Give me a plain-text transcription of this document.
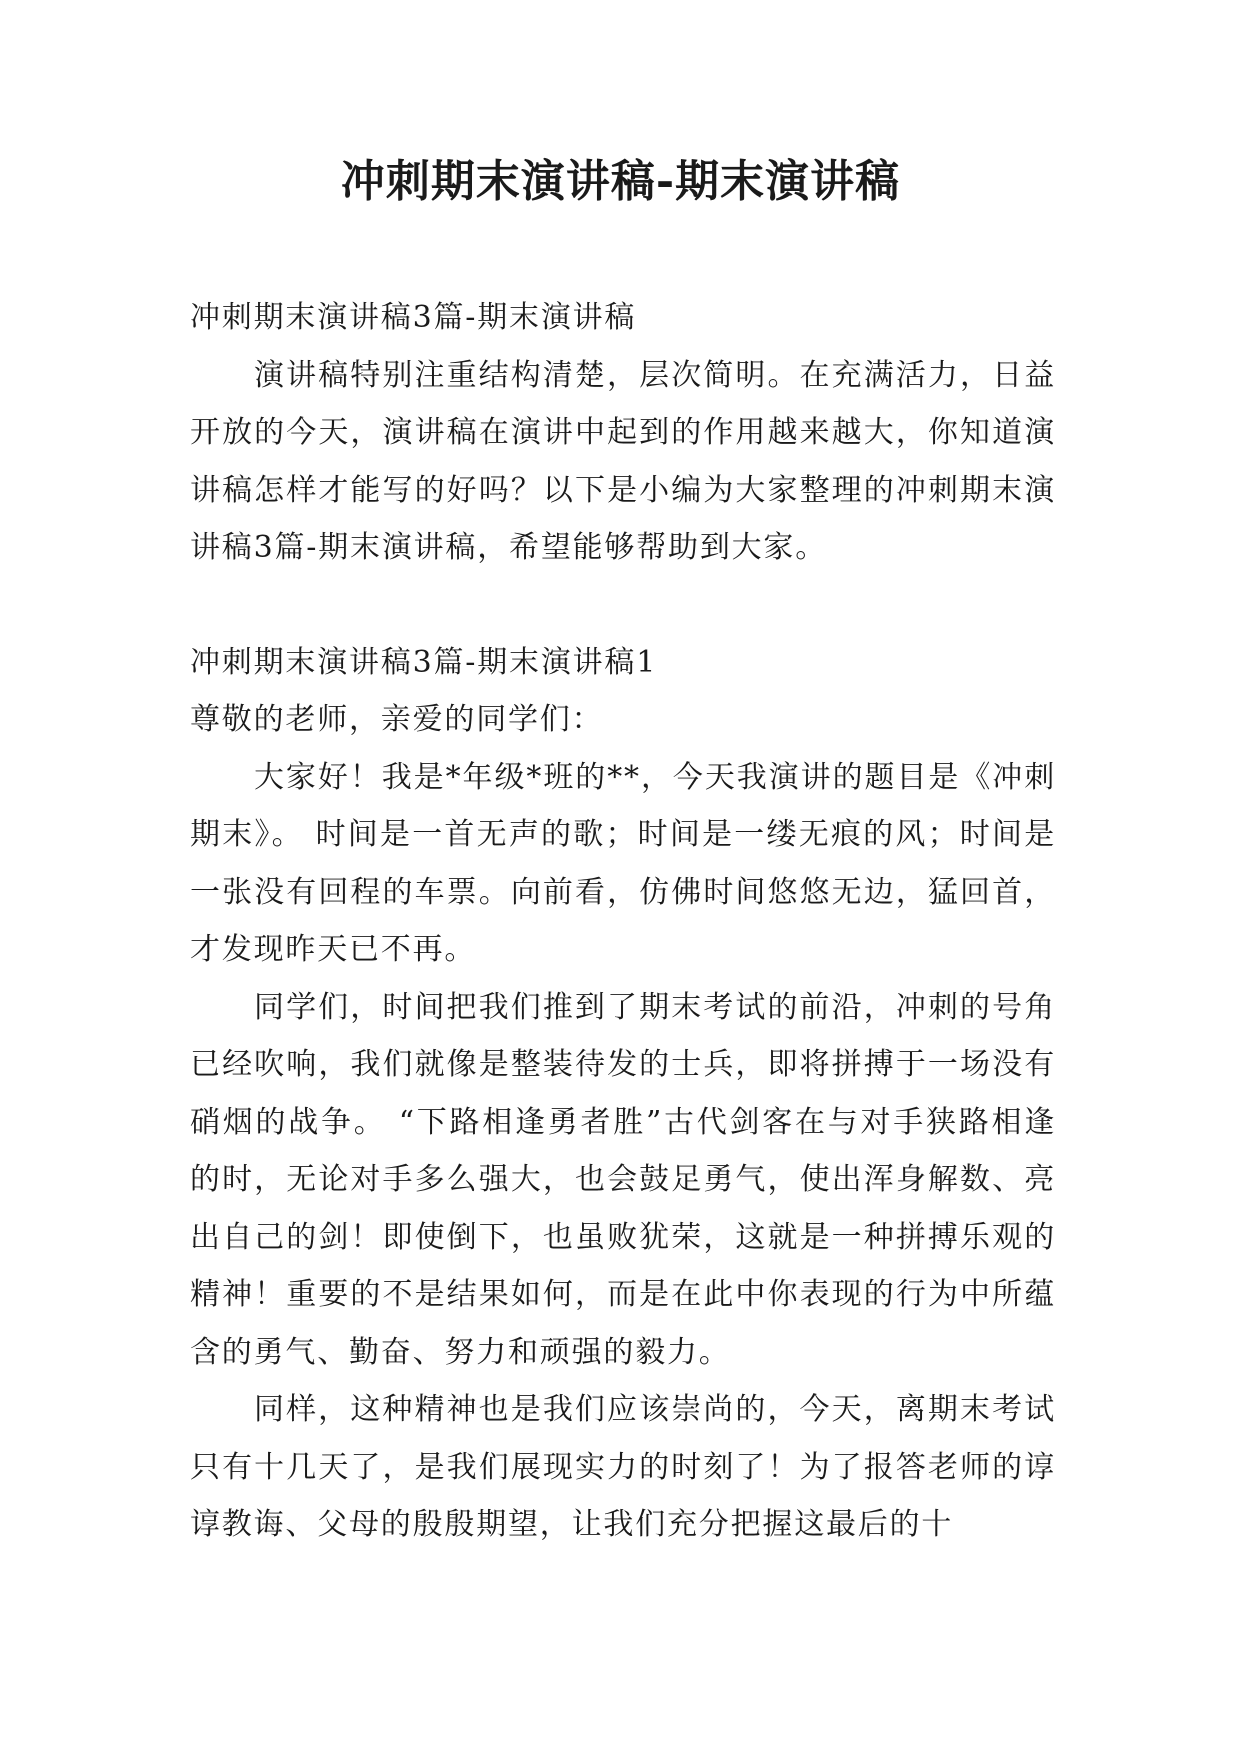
冲刺期末演讲稿-期末演讲稿

冲刺期末演讲稿3篇-期末演讲稿

演讲稿特别注重结构清楚，层次简明。在充满活力，日益开放的今天，演讲稿在演讲中起到的作用越来越大，你知道演讲稿怎样才能写的好吗？以下是小编为大家整理的冲刺期末演讲稿3篇-期末演讲稿，希望能够帮助到大家。

冲刺期末演讲稿3篇-期末演讲稿1

尊敬的老师，亲爱的同学们：

大家好！我是*年级*班的**，今天我演讲的题目是《冲刺期末》。 时间是一首无声的歌；时间是一缕无痕的风；时间是一张没有回程的车票。向前看，仿佛时间悠悠无边，猛回首，才发现昨天已不再。

同学们，时间把我们推到了期末考试的前沿，冲刺的号角已经吹响，我们就像是整装待发的士兵，即将拼搏于一场没有硝烟的战争。 “下路相逢勇者胜”古代剑客在与对手狭路相逢的时，无论对手多么强大，也会鼓足勇气，使出浑身解数、亮出自己的剑！即使倒下，也虽败犹荣，这就是一种拼搏乐观的精神！重要的不是结果如何，而是在此中你表现的行为中所蕴含的勇气、勤奋、努力和顽强的毅力。

同样，这种精神也是我们应该崇尚的，今天，离期末考试只有十几天了，是我们展现实力的时刻了！为了报答老师的谆谆教诲、父母的殷殷期望，让我们充分把握这最后的十
